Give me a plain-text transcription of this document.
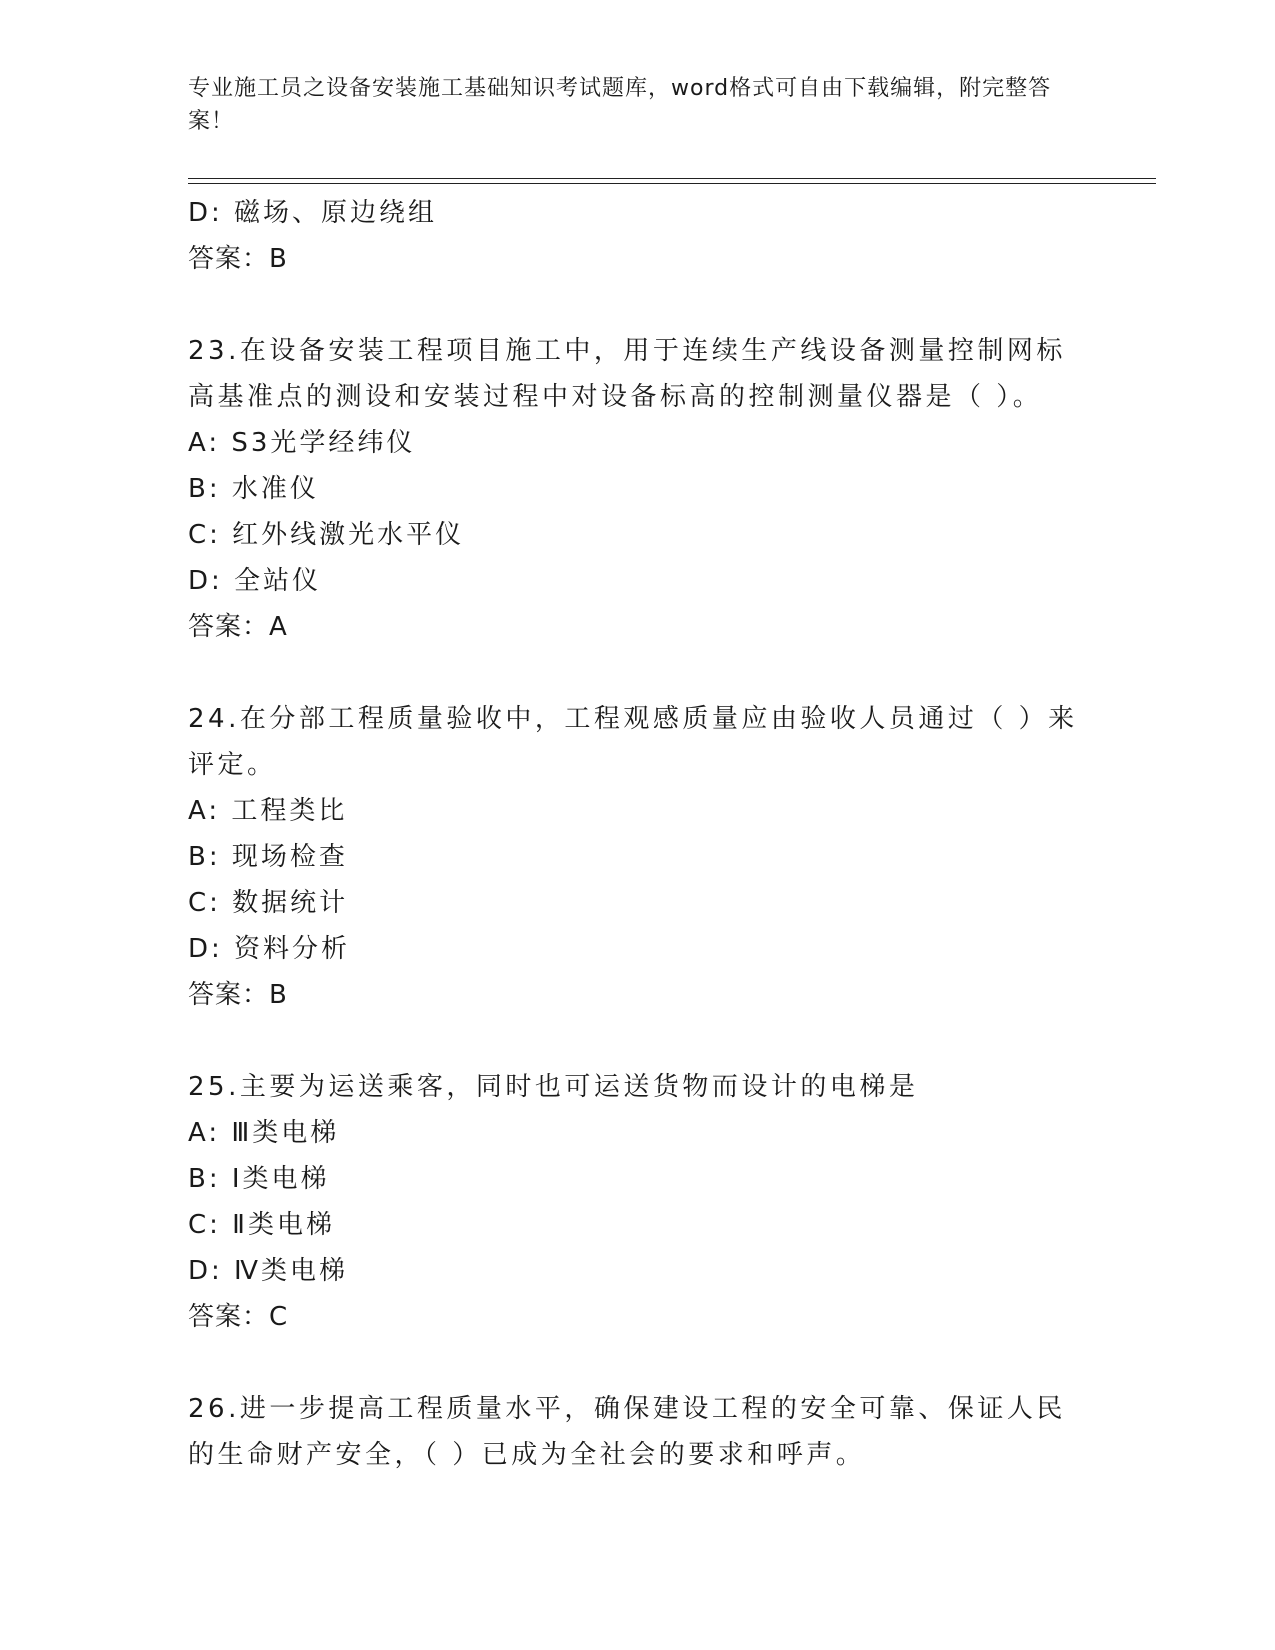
专业施工员之设备安装施工基础知识考试题库，word格式可自由下载编辑，附完整答案！
D: 磁场、原边绕组
答案：B
23.在设备安装工程项目施工中，用于连续生产线设备测量控制网标高基准点的测设和安装过程中对设备标高的控制测量仪器是（ ）。
A: S3光学经纬仪
B: 水准仪
C: 红外线激光水平仪
D: 全站仪
答案：A
24.在分部工程质量验收中，工程观感质量应由验收人员通过（ ）来评定。
A: 工程类比
B: 现场检查
C: 数据统计
D: 资料分析
答案：B
25.主要为运送乘客，同时也可运送货物而设计的电梯是
A: Ⅲ类电梯
B: Ⅰ类电梯
C: Ⅱ类电梯
D: Ⅳ类电梯
答案：C
26.进一步提高工程质量水平，确保建设工程的安全可靠、保证人民的生命财产安全，（ ）已成为全社会的要求和呼声。
